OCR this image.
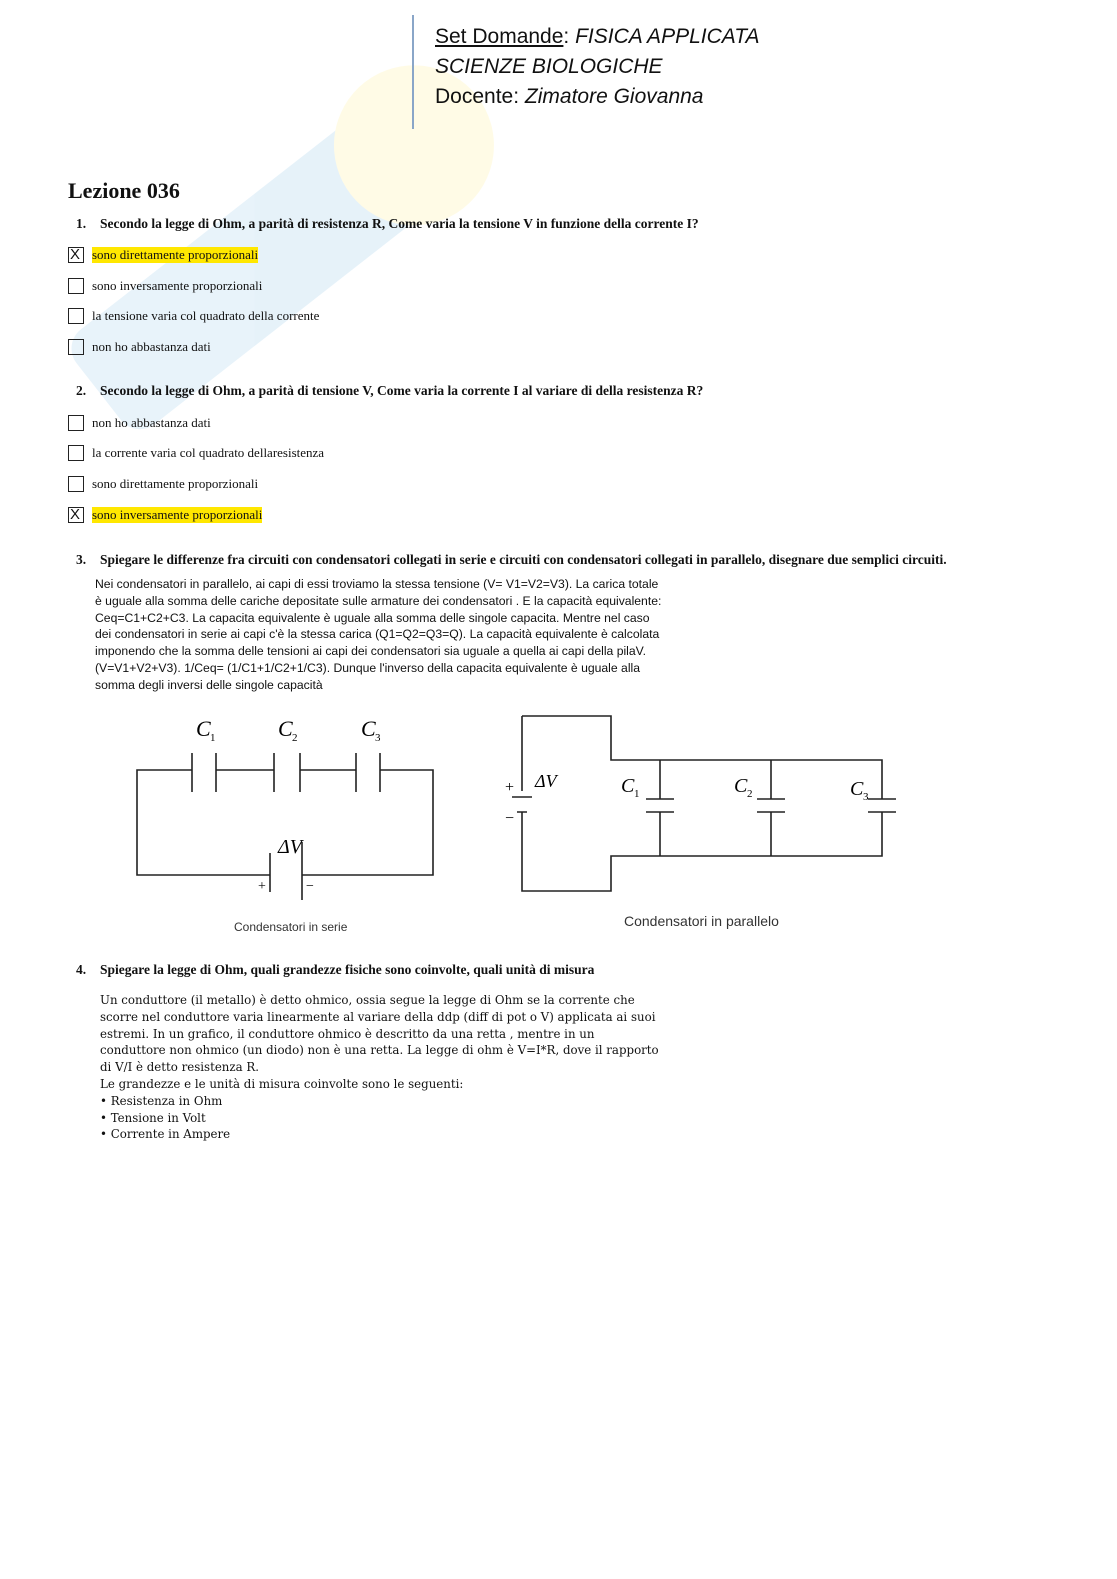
Set Domande: FISICA APPLICATA
SCIENZE BIOLOGICHE
Docente: Zimatore Giovanna
Lezione 036
1. Secondo la legge di Ohm, a parità di resistenza R, Come varia la tensione V in funzione della corrente I?
X
sono direttamente proporzionali
sono inversamente proporzionali
la tensione varia col quadrato della corrente
non ho abbastanza dati
2. Secondo la legge di Ohm, a parità di tensione V, Come varia la corrente I al variare di della resistenza R?
non ho abbastanza dati
la corrente varia col quadrato dellaresistenza
sono direttamente proporzionali
X
sono inversamente proporzionali
3. Spiegare le differenze fra circuiti con condensatori collegati in serie e circuiti con condensatori collegati in parallelo, disegnare due semplici circuiti.

Nei condensatori in parallelo, ai capi di essi troviamo la stessa tensione (V= V1=V2=V3). La carica totale è uguale alla somma delle cariche depositate sulle armature dei condensatori . E la capacità equivalente: Ceq=C1+C2+C3. La capacita equivalente è uguale alla somma delle singole capacita. Mentre nel caso dei condensatori in serie ai capi c'è la stessa carica (Q1=Q2=Q3=Q). La capacità equivalente è calcolata imponendo che la somma delle tensioni ai capi dei condensatori sia uguale a quella ai capi della pilaV. (V=V1+V2+V3). 1/Ceq= (1/C1+1/C2+1/C3). Dunque l'inverso della capacita equivalente è uguale alla somma degli inversi delle singole capacità

C 1	C 2	C 3
ΔV
+	−
Condensatori in serie
+
−
ΔV	C 1	C 2	C 3
Condensatori in parallelo
4. Spiegare la legge di Ohm, quali grandezze fisiche sono coinvolte, quali unità di misura

Un conduttore (il metallo) è detto ohmico, ossia segue la legge di Ohm se la corrente che scorre nel conduttore varia linearmente al variare della ddp (diff di pot o V) applicata ai suoi estremi. In un grafico, il conduttore ohmico è descritto da una retta , mentre in un conduttore non ohmico (un diodo) non è una retta. La legge di ohm è V=I*R, dove il rapporto di V/I è detto resistenza R.

Le grandezze e le unità di misura coinvolte sono le seguenti:

• Resistenza in Ohm
• Tensione in Volt
• Corrente in Ampere
